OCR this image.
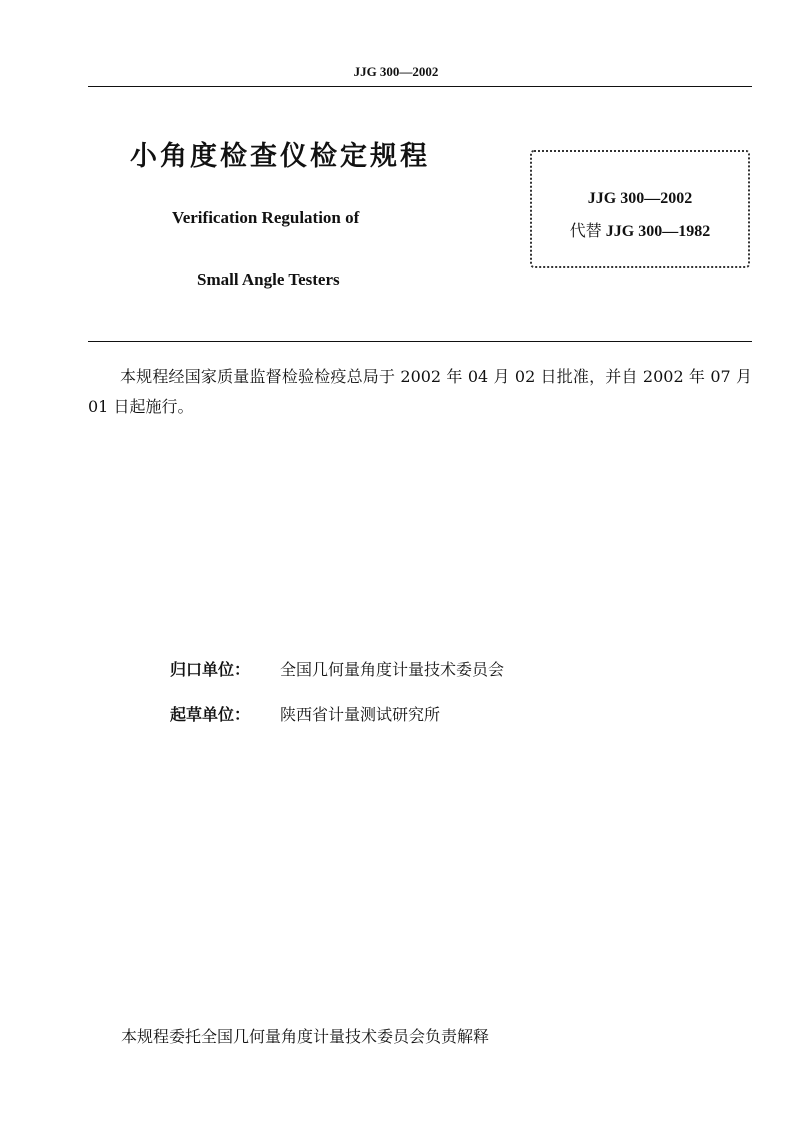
JJG 300—2002
小角度检查仪检定规程
Verification Regulation of
Small Angle Testers
JJG 300—2002
代替 JJG 300—1982
本规程经国家质量监督检验检疫总局于 2002 年 04 月 02 日批准，并自 2002 年 07 月 01 日起施行。
归口单位： 全国几何量角度计量技术委员会
起草单位： 陕西省计量测试研究所
本规程委托全国几何量角度计量技术委员会负责解释
